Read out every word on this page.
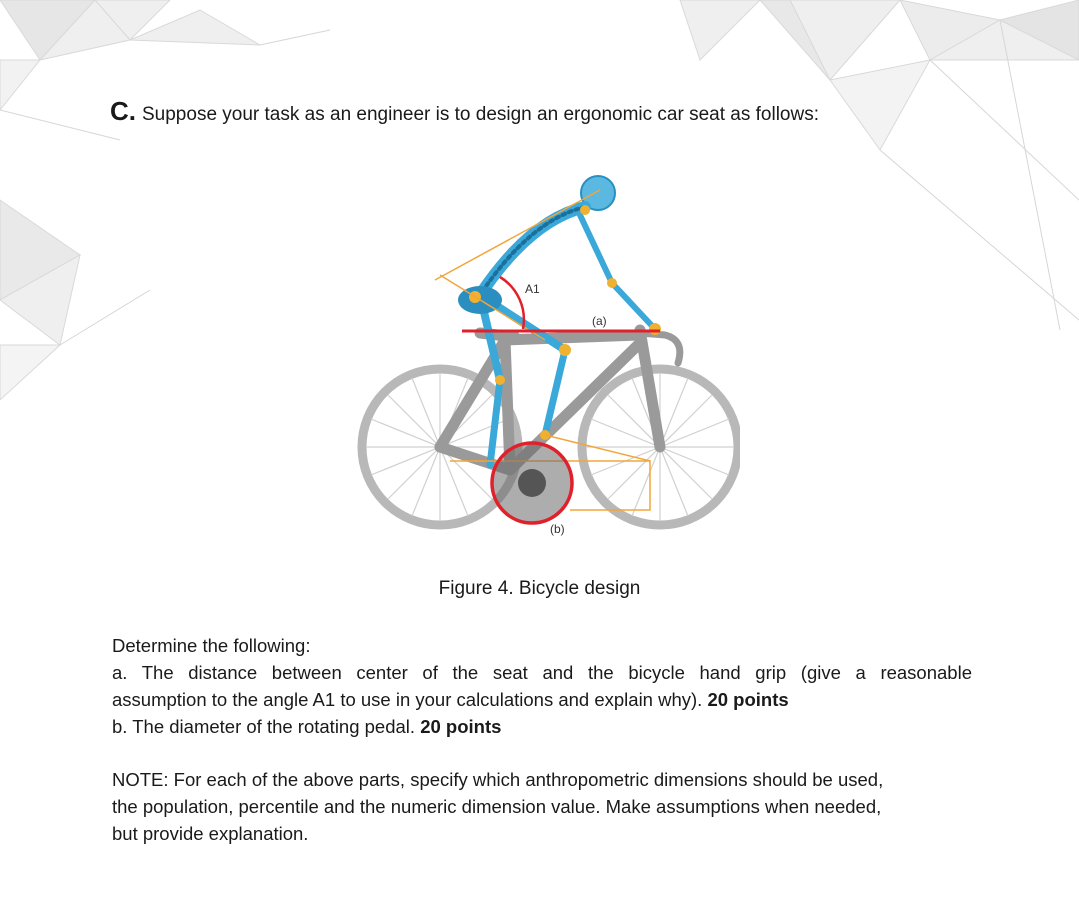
C. Suppose your task as an engineer is to design an ergonomic car seat as follows:
A1
(a)
(b)
Figure 4. Bicycle design
Determine the following:
a. The distance between center of the seat and the bicycle hand grip (give a reasonable
assumption to the angle A1 to use in your calculations and explain why). 20 points
b. The diameter of the rotating pedal. 20 points
NOTE: For each of the above parts, specify which anthropometric dimensions should be used,
the population, percentile and the numeric dimension value. Make assumptions when needed,
but provide explanation.
